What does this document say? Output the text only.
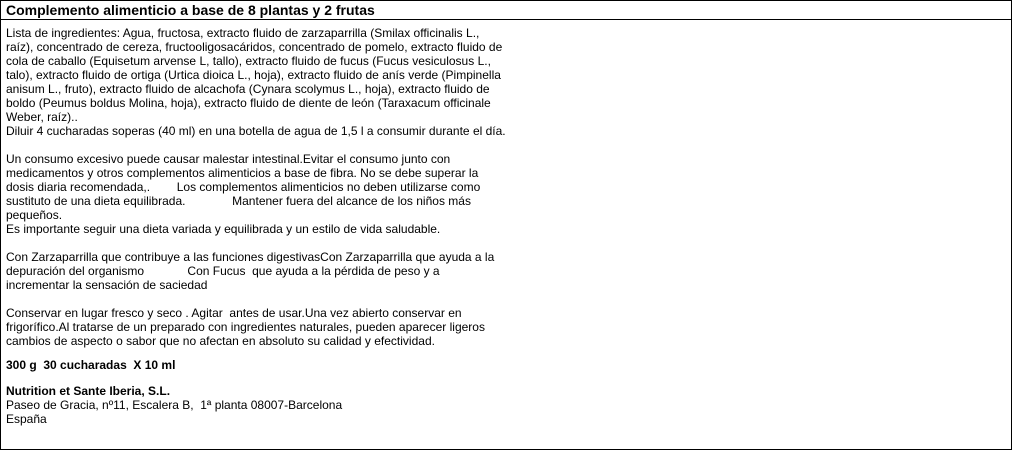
Complemento alimenticio a base de 8 plantas y 2 frutas

Lista de ingredientes: Agua, fructosa, extracto fluido de zarzaparrilla (Smilax officinalis L., raíz), concentrado de cereza, fructooligosacáridos, concentrado de pomelo, extracto fluido de cola de caballo (Equisetum arvense L, tallo), extracto fluido de fucus (Fucus vesiculosus L., talo), extracto fluido de ortiga (Urtica dioica L., hoja), extracto fluido de anís verde (Pimpinella anisum L., fruto), extracto fluido de alcachofa (Cynara scolymus L., hoja), extracto fluido de boldo (Peumus boldus Molina, hoja), extracto fluido de diente de león (Taraxacum officinale Weber, raíz)..

Diluir 4 cucharadas soperas (40 ml) en una botella de agua de 1,5 l a consumir durante el día.

Un consumo excesivo puede causar malestar intestinal.Evitar el consumo junto con medicamentos y otros complementos alimenticios a base de fibra. No se debe superar la dosis diaria recomendada,.        Los complementos alimenticios no deben utilizarse como sustituto de una dieta equilibrada.              Mantener fuera del alcance de los niños más pequeños.

Es importante seguir una dieta variada y equilibrada y un estilo de vida saludable.

Con Zarzaparrilla que contribuye a las funciones digestivasCon Zarzaparrilla que ayuda a la depuración del organismo             Con Fucus  que ayuda a la pérdida de peso y a incrementar la sensación de saciedad

Conservar en lugar fresco y seco . Agitar  antes de usar.Una vez abierto conservar en frigorífico.Al tratarse de un preparado con ingredientes naturales, pueden aparecer ligeros cambios de aspecto o sabor que no afectan en absoluto su calidad y efectividad.

300 g  30 cucharadas  X 10 ml

Nutrition et Sante Iberia, S.L.

Paseo de Gracia, nº11, Escalera B,  1ª planta 08007-Barcelona

España
